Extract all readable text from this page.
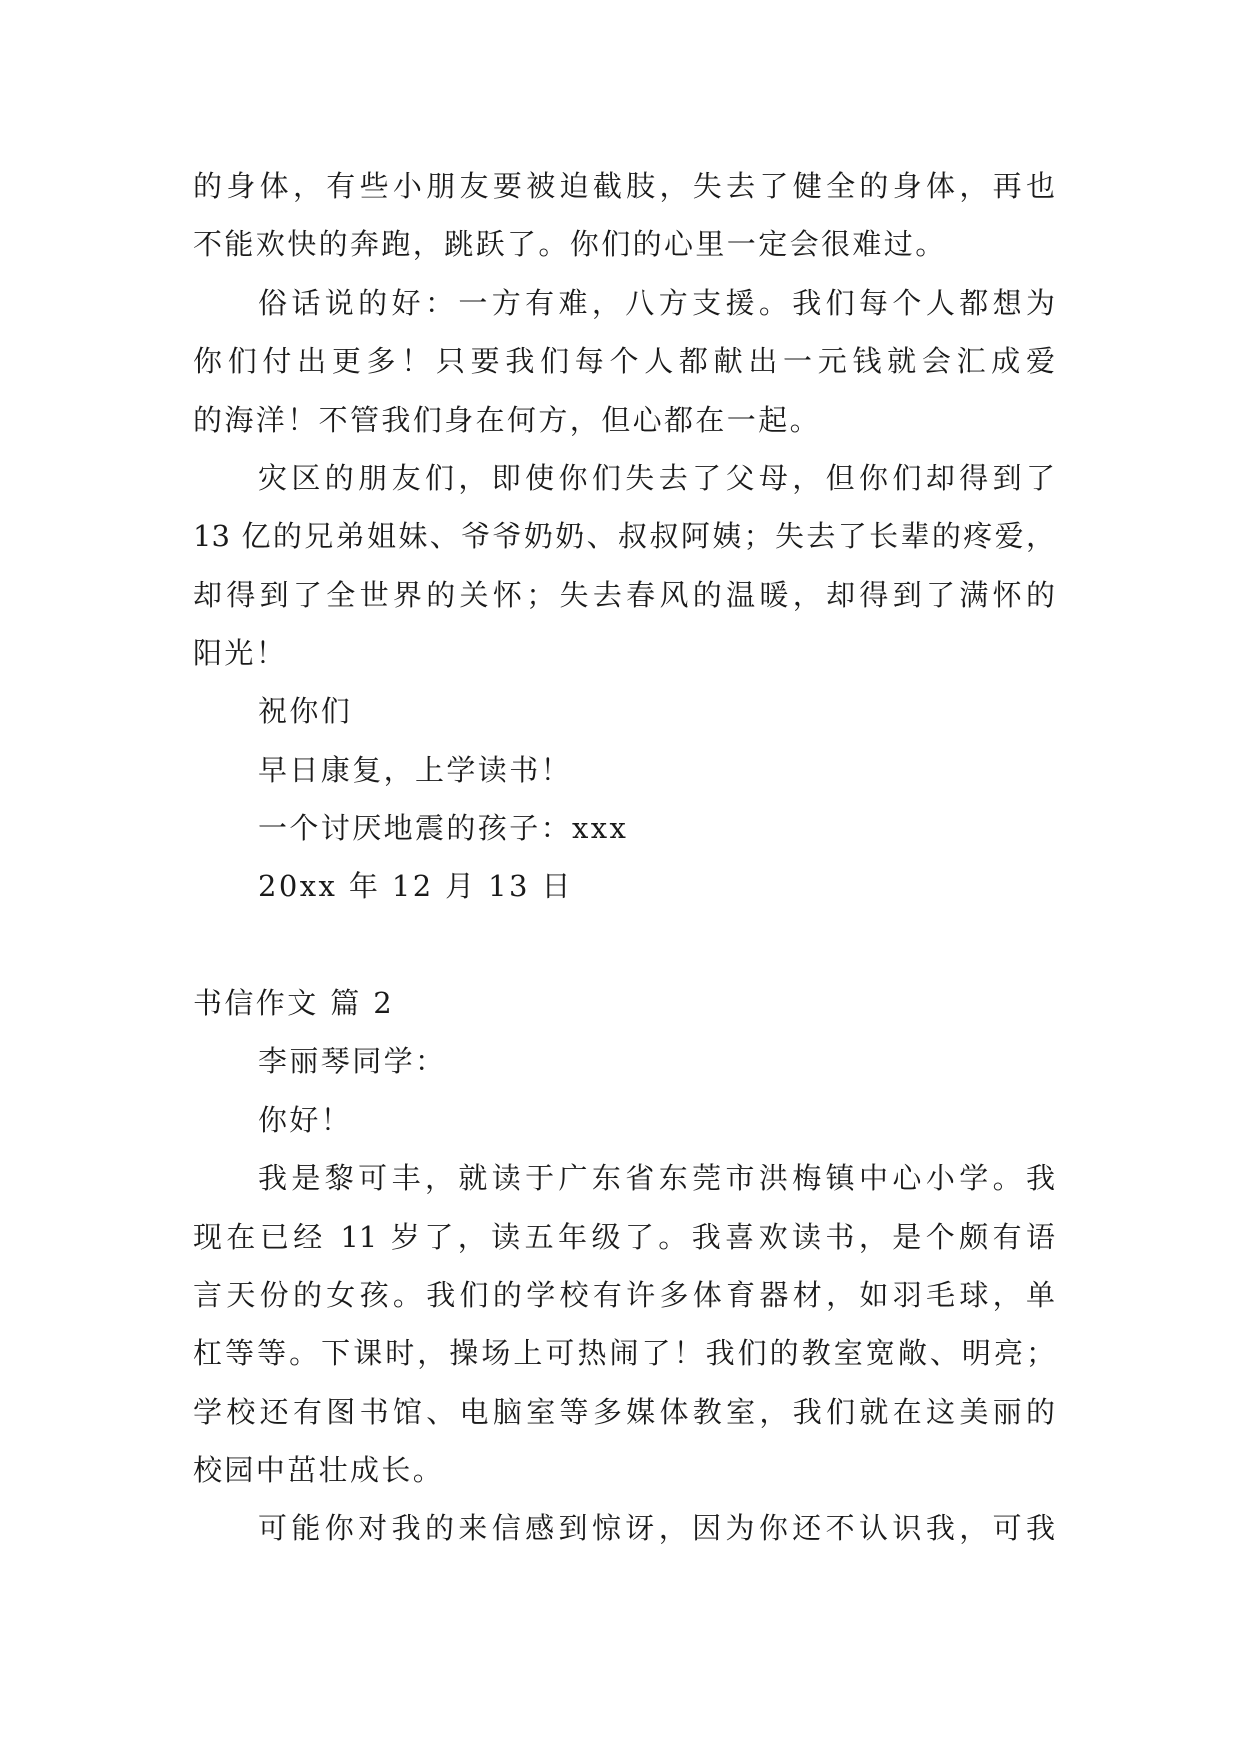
的身体，有些小朋友要被迫截肢，失去了健全的身体，再也
不能欢快的奔跑，跳跃了。你们的心里一定会很难过。
俗话说的好：一方有难，八方支援。我们每个人都想为
你们付出更多！只要我们每个人都献出一元钱就会汇成爱
的海洋！不管我们身在何方，但心都在一起。
灾区的朋友们，即使你们失去了父母，但你们却得到了
13 亿的兄弟姐妹、爷爷奶奶、叔叔阿姨；失去了长辈的疼爱，
却得到了全世界的关怀；失去春风的温暖，却得到了满怀的
阳光！
祝你们
早日康复，上学读书！
一个讨厌地震的孩子：xxx
20xx 年 12 月 13 日
书信作文 篇 2
李丽琴同学：
你好！
我是黎可丰，就读于广东省东莞市洪梅镇中心小学。我
现在已经 11 岁了，读五年级了。我喜欢读书，是个颇有语
言天份的女孩。我们的学校有许多体育器材，如羽毛球，单
杠等等。下课时，操场上可热闹了！我们的教室宽敞、明亮；
学校还有图书馆、电脑室等多媒体教室，我们就在这美丽的
校园中茁壮成长。
可能你对我的来信感到惊讶，因为你还不认识我，可我
